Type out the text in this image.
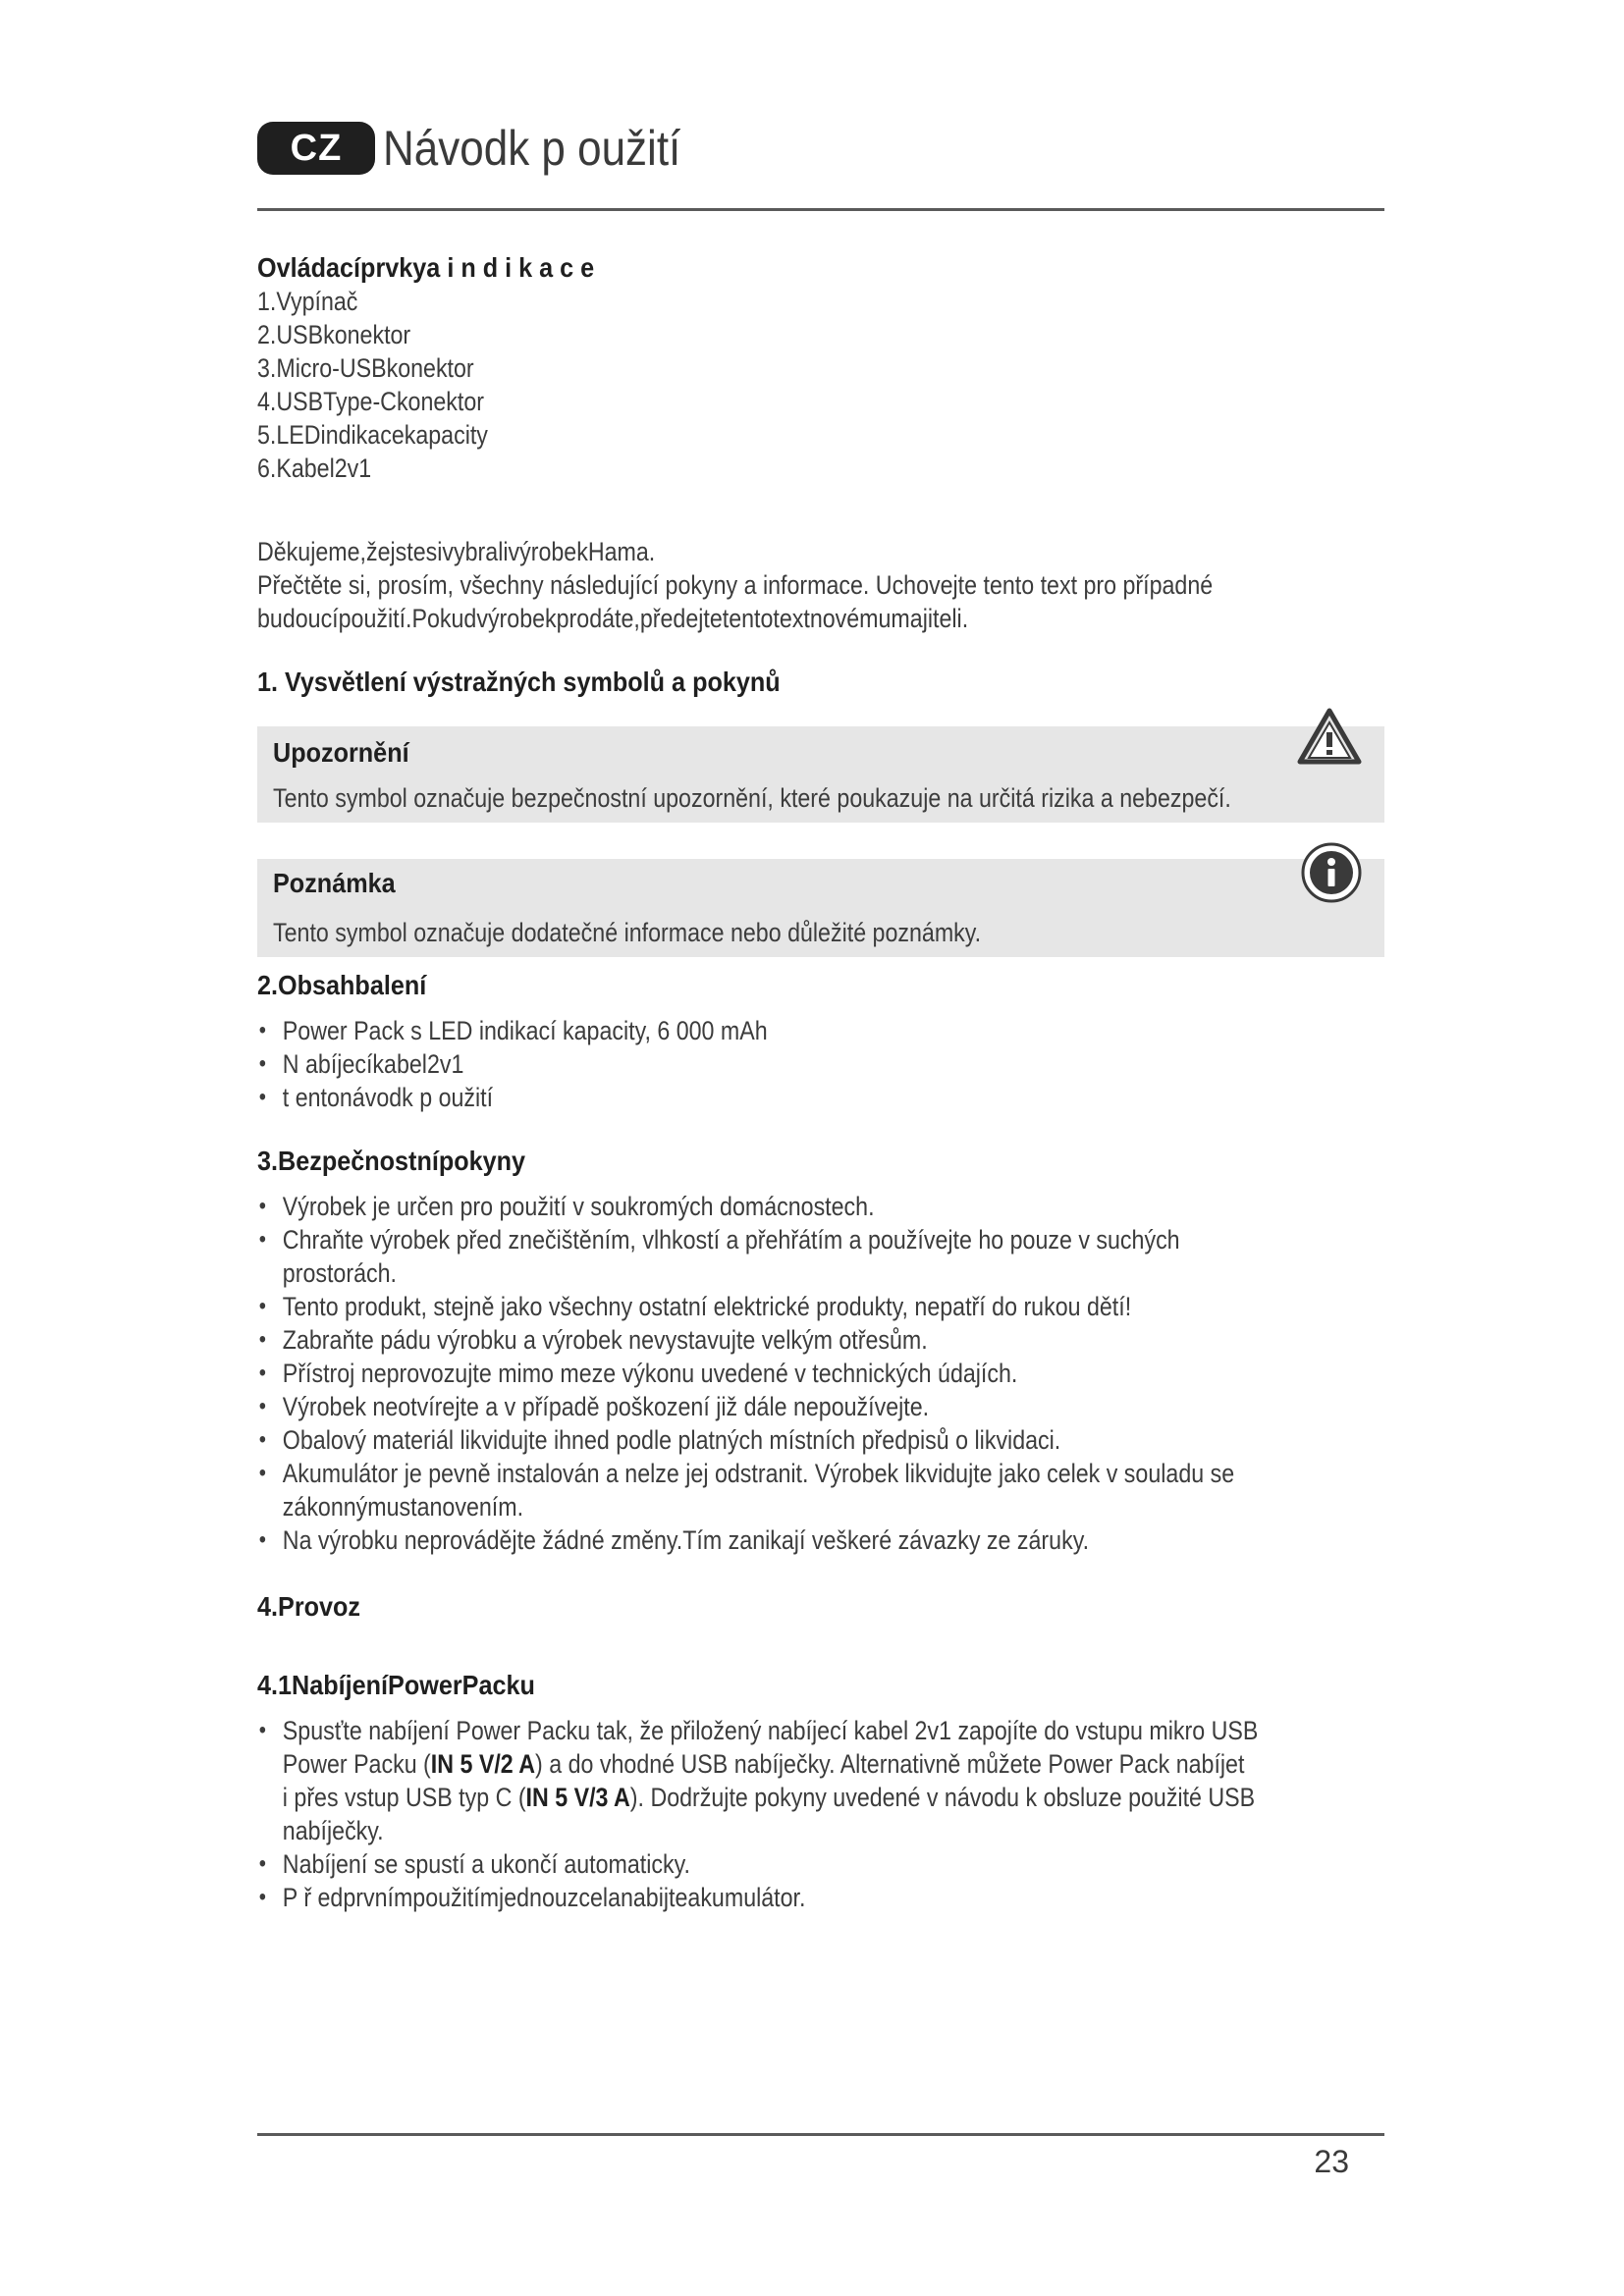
CZ Návodk p oužití
Ovládacíprvkya i n d i k a c e
1.Vypínač
2.USBkonektor
3.Micro-USBkonektor
4.USBType-Ckonektor
5.LEDindikacekapacity
6.Kabel2v1
Děkujeme,žejstesivybralivýrobekHama.
Přečtěte si, prosím, všechny následující pokyny a informace. Uchovejte tento text pro případné
budoucípoužití.Pokudvýrobekprodáte,předejtetentotextnovémumajiteli.
1. Vysvětlení výstražných symbolů a pokynů
Upozornění
Tento symbol označuje bezpečnostní upozornění, které poukazuje na určitá rizika a nebezpečí.
Poznámka
Tento symbol označuje dodatečné informace nebo důležité poznámky.
2.Obsahbalení
• Power Pack s LED indikací kapacity, 6 000 mAh
• N abíjecíkabel2v1
• t entonávodk p oužití
3.Bezpečnostnípokyny
• Výrobek je určen pro použití v soukromých domácnostech.
• Chraňte výrobek před znečištěním, vlhkostí a přehřátím a používejte ho pouze v suchých
prostorách.
• Tento produkt, stejně jako všechny ostatní elektrické produkty, nepatří do rukou dětí!
• Zabraňte pádu výrobku a výrobek nevystavujte velkým otřesům.
• Přístroj neprovozujte mimo meze výkonu uvedené v technických údajích.
• Výrobek neotvírejte a v případě poškození již dále nepoužívejte.
• Obalový materiál likvidujte ihned podle platných místních předpisů o likvidaci.
• Akumulátor je pevně instalován a nelze jej odstranit. Výrobek likvidujte jako celek v souladu se
zákonnýmustanovením.
• Na výrobku neprovádějte žádné změny.Tím zanikají veškeré závazky ze záruky.
4.Provoz
4.1NabíjeníPowerPacku
• Spusťte nabíjení Power Packu tak, že přiložený nabíjecí kabel 2v1 zapojíte do vstupu mikro USB
Power Packu (IN 5 V/2 A) a do vhodné USB nabíječky. Alternativně můžete Power Pack nabíjet
i přes vstup USB typ C (IN 5 V/3 A). Dodržujte pokyny uvedené v návodu k obsluze použité USB
nabíječky.
• Nabíjení se spustí a ukončí automaticky.
• P ř edprvnímpoužitímjednouzcelanabijteakumulátor.
23
